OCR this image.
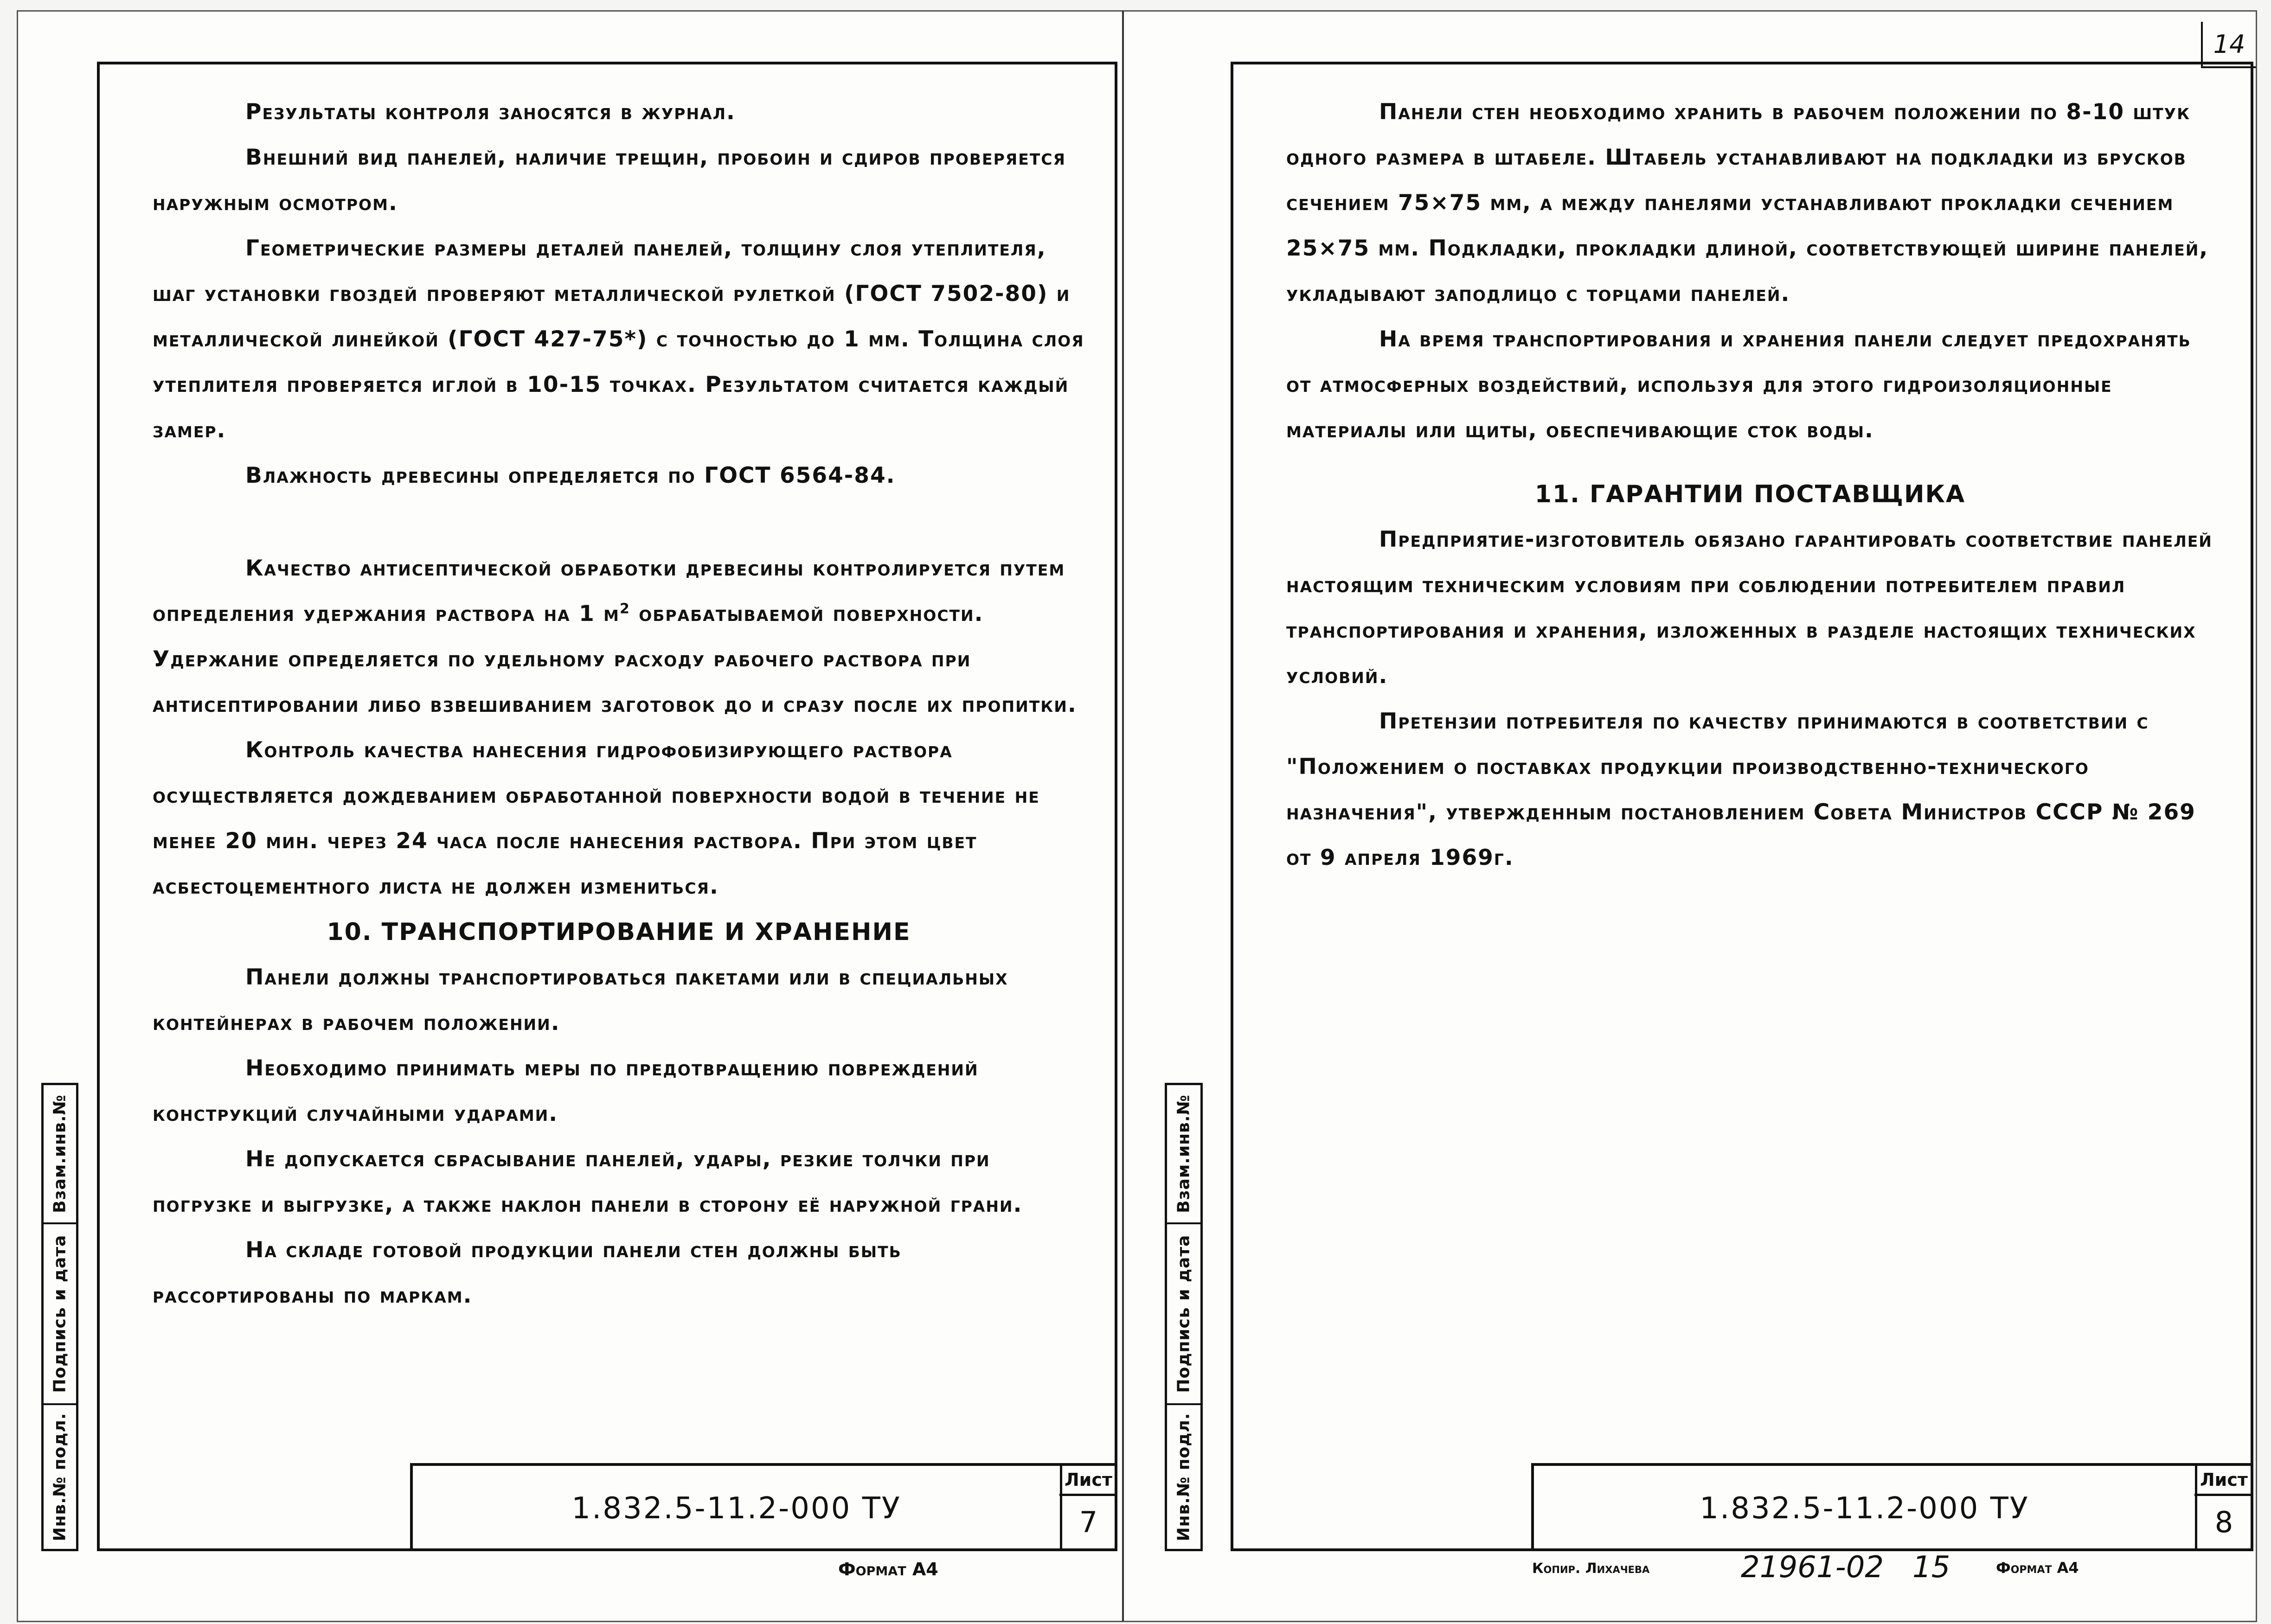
Результаты контроля заносятся в журнал.

Внешний вид панелей, наличие трещин, пробоин и сдиров проверяется наружным осмотром.

Геометрические размеры деталей панелей, толщину слоя утеплителя, шаг установки гвоздей проверяют металлической рулеткой (ГОСТ 7502-80) и металлической линейкой (ГОСТ 427-75*) с точностью до 1 мм. Толщина слоя утеплителя проверяется иглой в 10-15 точках. Результатом считается каждый замер.

Влажность древесины определяется по ГОСТ 6564-84.

Качество антисептической обработки древесины контролируется путем определения удержания раствора на 1 $м^2$ обрабатываемой поверхности. Удержание определяется по удельному расходу рабочего раствора при антисептировании либо взвешиванием заготовок до и сразу после их пропитки.

Контроль качества нанесения гидрофобизирующего раствора осуществляется дождеванием обработанной поверхности водой в течение не менее 20 мин. через 24 часа после нанесения раствора. При этом цвет асбестоцементного листа не должен измениться.

10. ТРАНСПОРТИРОВАНИЕ И ХРАНЕНИЕ

Панели должны транспортироваться пакетами или в специальных контейнерах в рабочем положении.

Необходимо принимать меры по предотвращению повреждений конструкций случайными ударами.

Не допускается сбрасывание панелей, удары, резкие толчки при погрузке и выгрузке, а также наклон панели в сторону её наружной грани.

На складе готовой продукции панели стен должны быть рассортированы по маркам.

Взам.инв.№
Подпись и дата
Инв.№ подл.	1.832.5-11.2-000 ТУ
Лист
7
Формат А4
14

Панели стен необходимо хранить в рабочем положении по 8-10 штук одного размера в штабеле. Штабель устанавливают на подкладки из брусков сечением 75×75 мм, а между панелями устанавливают прокладки сечением 25×75 мм. Подкладки, прокладки длиной, соответствующей ширине панелей, укладывают заподлицо с торцами панелей.

На время транспортирования и хранения панели следует предохранять от атмосферных воздействий, используя для этого гидроизоляционные материалы или щиты, обеспечивающие сток воды.

11. ГАРАНТИИ ПОСТАВЩИКА

Предприятие-изготовитель обязано гарантировать соответствие панелей настоящим техническим условиям при соблюдении потребителем правил транспортирования и хранения, изложенных в разделе настоящих технических условий.

Претензии потребителя по качеству принимаются в соответствии с "Положением о поставках продукции производственно-технического назначения", утвержденным постановлением Совета Министров СССР № 269 от 9 апреля 1969г.

Взам.инв.№
Подпись и дата
Инв.№ подл.	1.832.5-11.2-000 ТУ
Лист
8
Копир. Лихачева	21961-02 15	Формат А4
